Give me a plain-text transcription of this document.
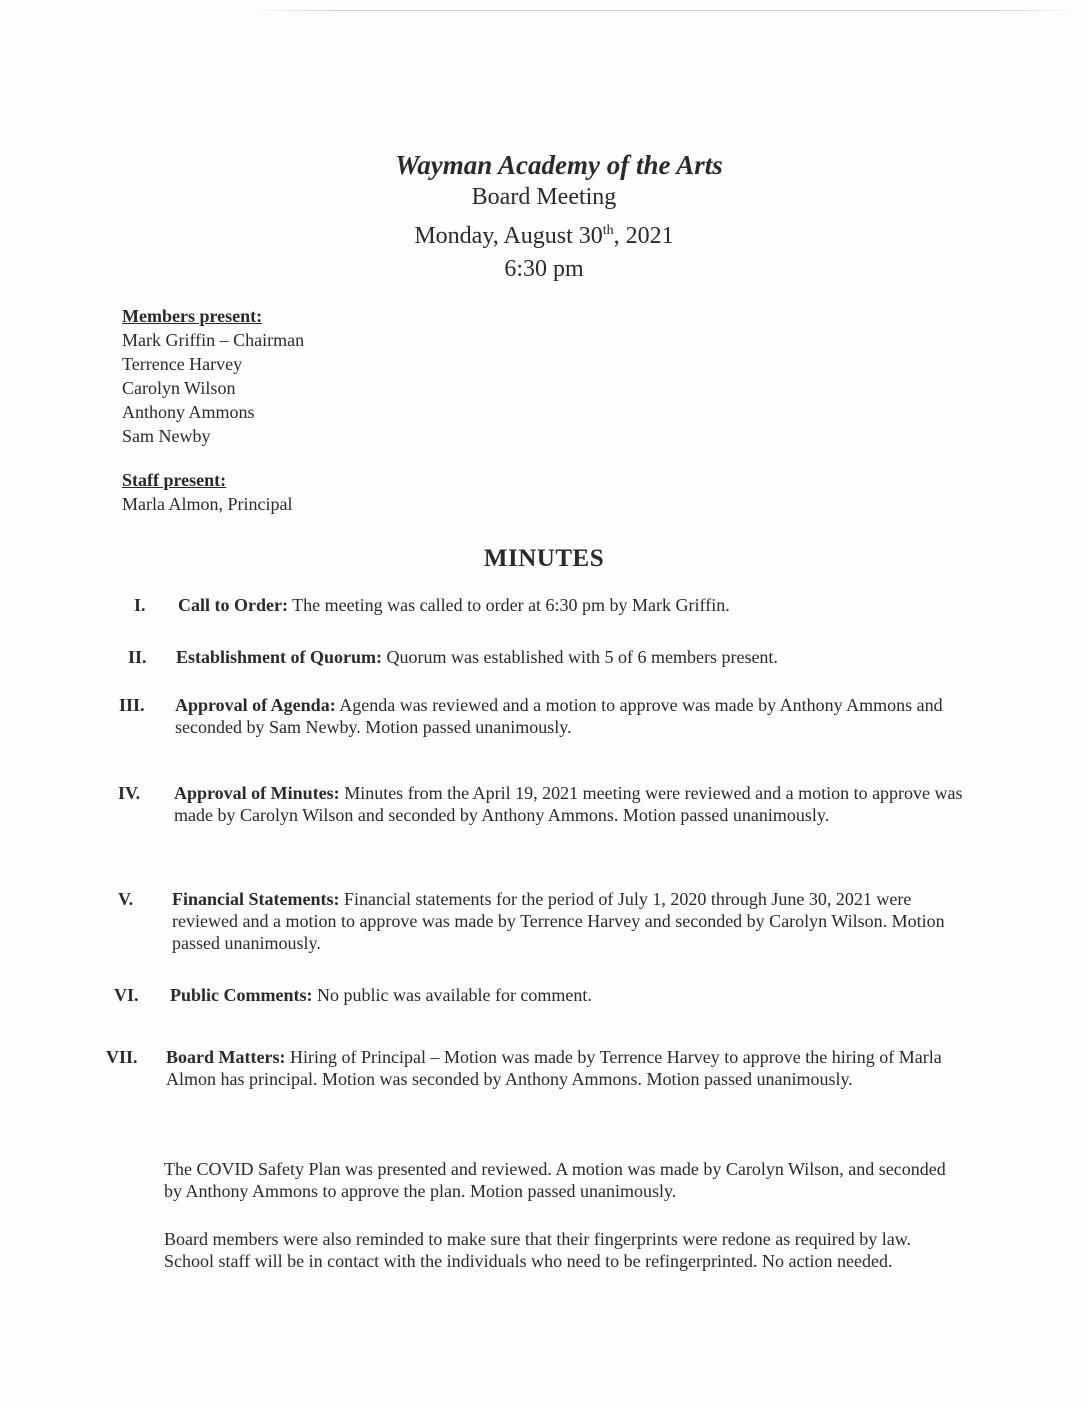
Wayman Academy of the Arts
Board Meeting
Monday, August 30th, 2021
6:30 pm
Members present:
Mark Griffin – Chairman
Terrence Harvey
Carolyn Wilson
Anthony Ammons
Sam Newby
Staff present:
Marla Almon, Principal
MINUTES
I. Call to Order: The meeting was called to order at 6:30 pm by Mark Griffin.
II. Establishment of Quorum: Quorum was established with 5 of 6 members present.
III. Approval of Agenda: Agenda was reviewed and a motion to approve was made by Anthony Ammons and seconded by Sam Newby. Motion passed unanimously.
IV. Approval of Minutes: Minutes from the April 19, 2021 meeting were reviewed and a motion to approve was made by Carolyn Wilson and seconded by Anthony Ammons. Motion passed unanimously.
V. Financial Statements: Financial statements for the period of July 1, 2020 through June 30, 2021 were reviewed and a motion to approve was made by Terrence Harvey and seconded by Carolyn Wilson. Motion passed unanimously.
VI. Public Comments: No public was available for comment.
VII. Board Matters: Hiring of Principal – Motion was made by Terrence Harvey to approve the hiring of Marla Almon has principal. Motion was seconded by Anthony Ammons. Motion passed unanimously.
The COVID Safety Plan was presented and reviewed. A motion was made by Carolyn Wilson, and seconded by Anthony Ammons to approve the plan. Motion passed unanimously.
Board members were also reminded to make sure that their fingerprints were redone as required by law. School staff will be in contact with the individuals who need to be refingerprinted. No action needed.
